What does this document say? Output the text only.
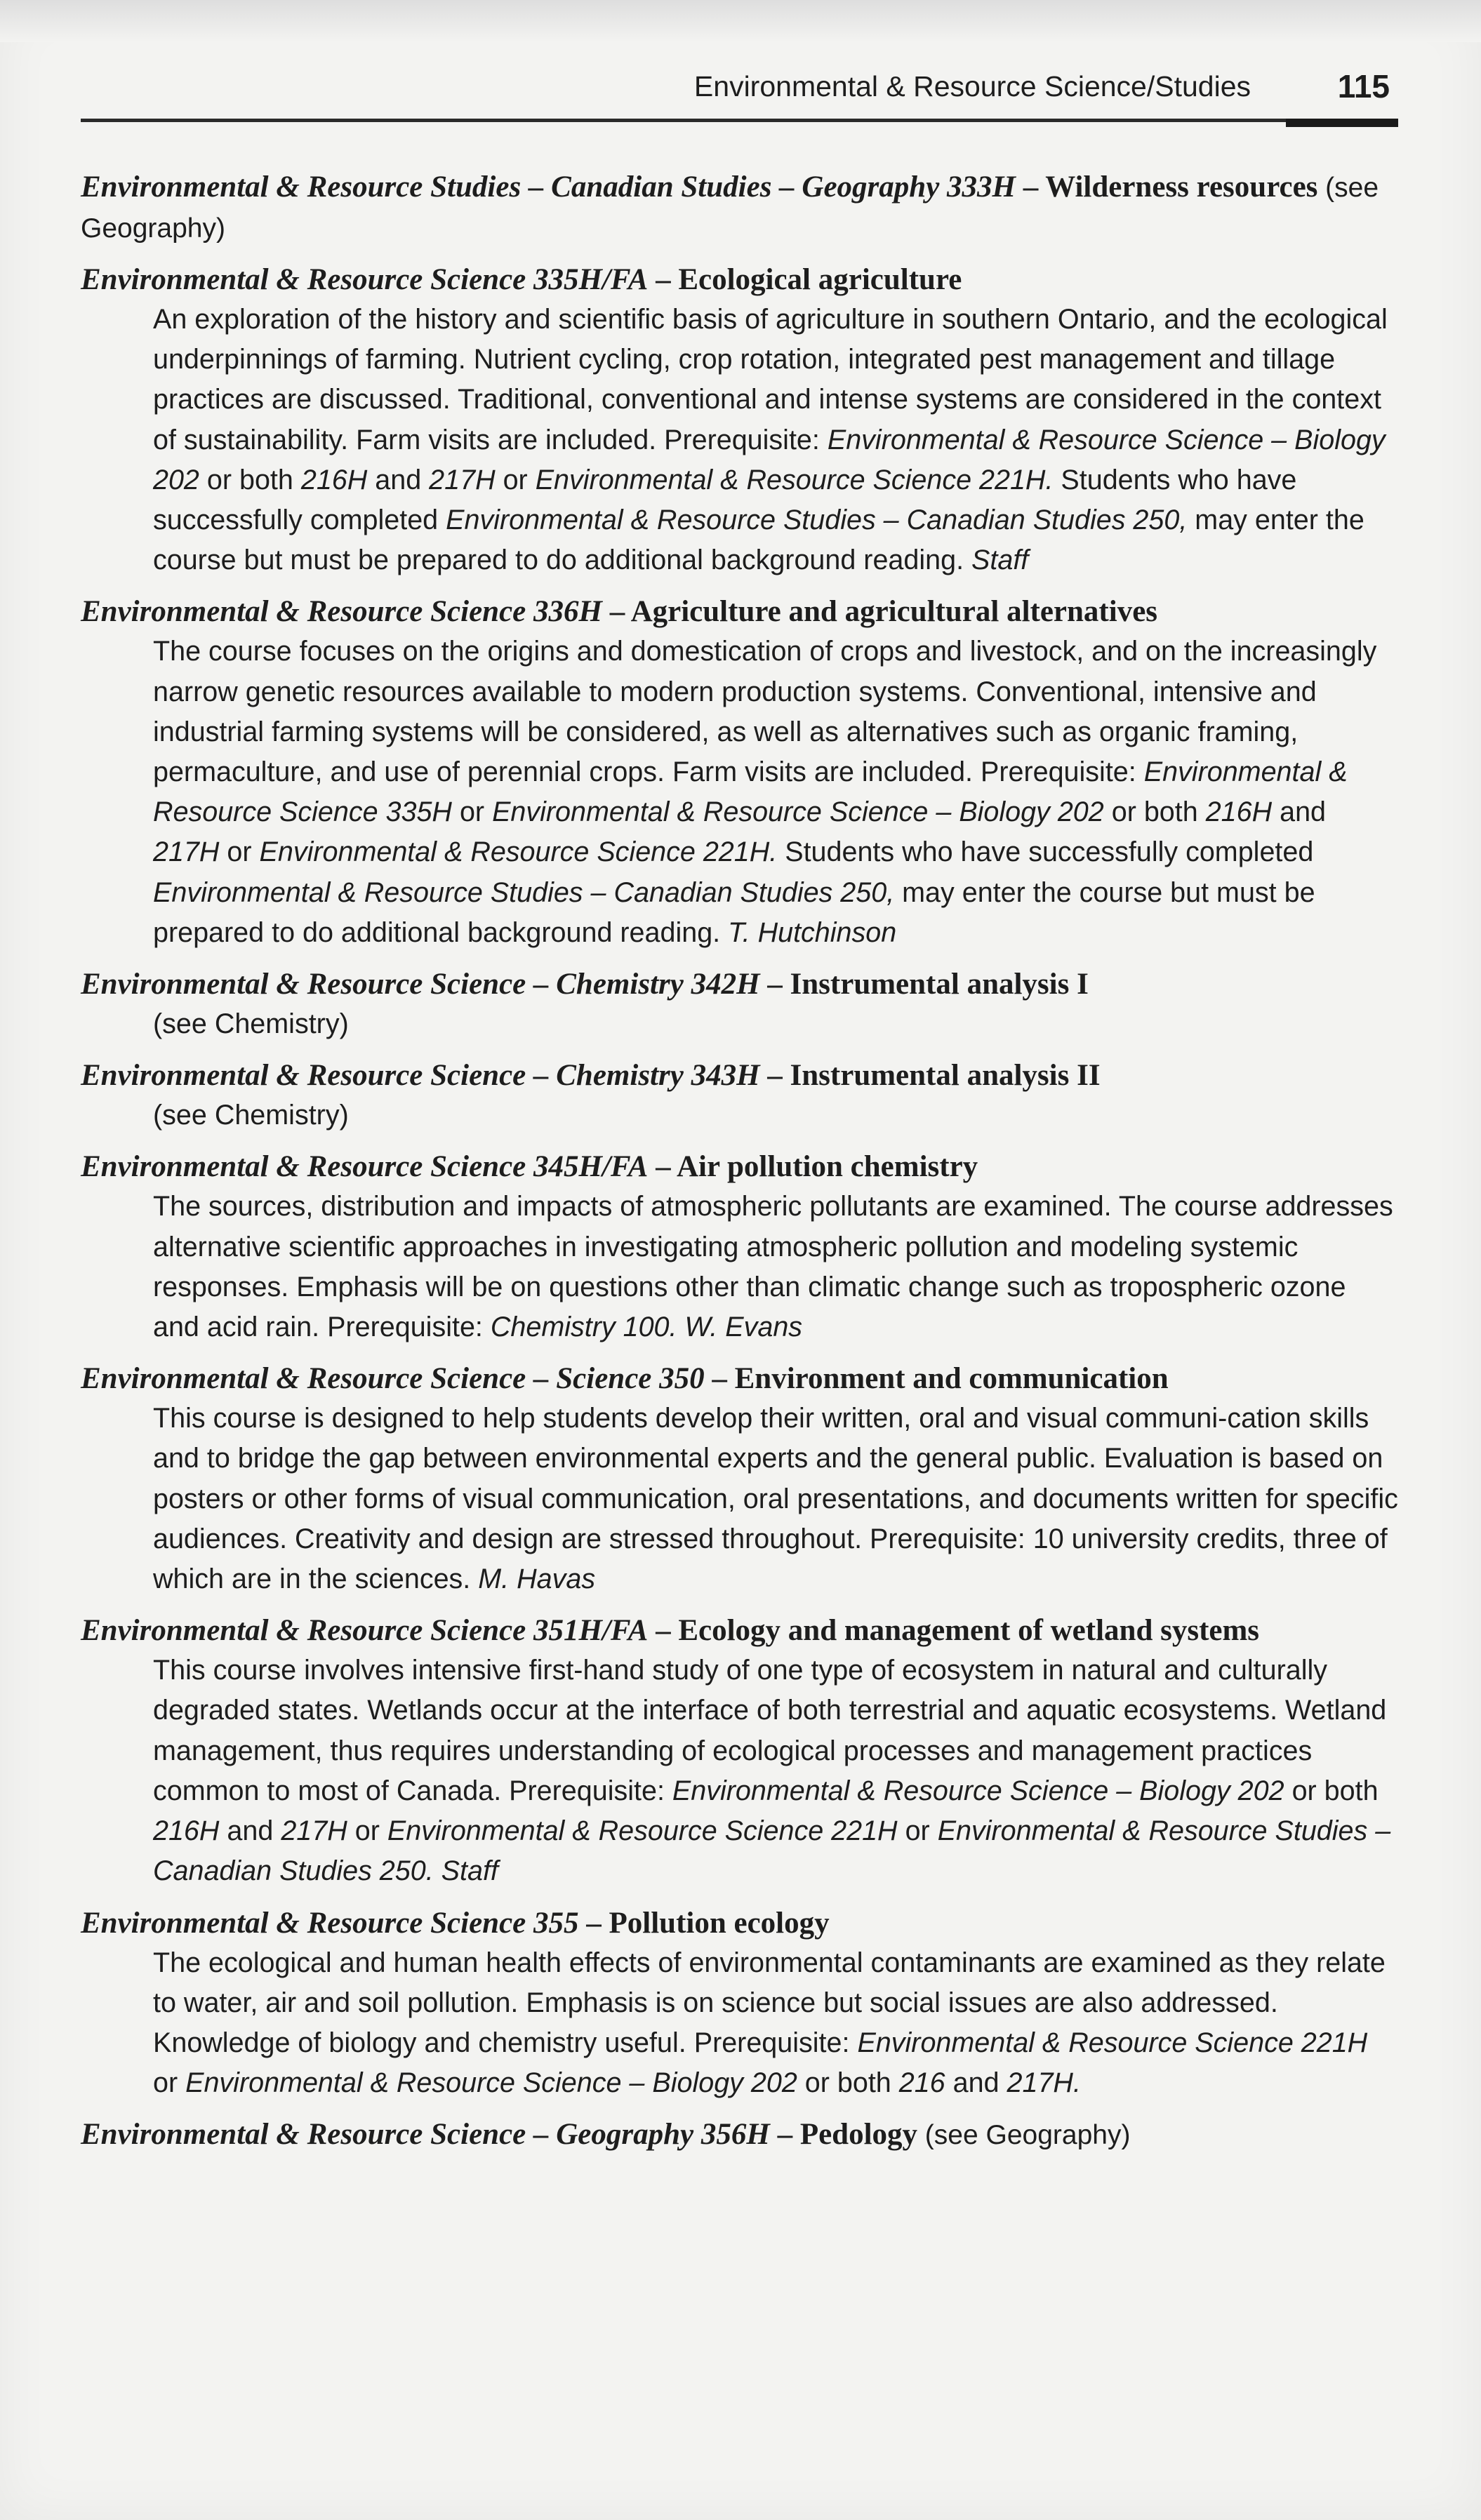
Environmental & Resource Science/Studies	115

Environmental & Resource Studies – Canadian Studies – Geography 333H – Wilderness resources (see Geography)

Environmental & Resource Science 335H/FA – Ecological agriculture

An exploration of the history and scientific basis of agriculture in southern Ontario, and the ecological underpinnings of farming. Nutrient cycling, crop rotation, integrated pest management and tillage practices are discussed. Traditional, conventional and intense systems are considered in the context of sustainability. Farm visits are included. Prerequisite: Environmental & Resource Science – Biology 202 or both 216H and 217H or Environmental & Resource Science 221H. Students who have successfully completed Environmental & Resource Studies – Canadian Studies 250, may enter the course but must be prepared to do additional background reading. Staff

Environmental & Resource Science 336H – Agriculture and agricultural alternatives

The course focuses on the origins and domestication of crops and livestock, and on the increasingly narrow genetic resources available to modern production systems. Conventional, intensive and industrial farming systems will be considered, as well as alternatives such as organic framing, permaculture, and use of perennial crops. Farm visits are included. Prerequisite: Environmental & Resource Science 335H or Environmental & Resource Science – Biology 202 or both 216H and 217H or Environmental & Resource Science 221H. Students who have successfully completed Environmental & Resource Studies – Canadian Studies 250, may enter the course but must be prepared to do additional background reading. T. Hutchinson

Environmental & Resource Science – Chemistry 342H – Instrumental analysis I

(see Chemistry)

Environmental & Resource Science – Chemistry 343H – Instrumental analysis II

(see Chemistry)

Environmental & Resource Science 345H/FA – Air pollution chemistry

The sources, distribution and impacts of atmospheric pollutants are examined. The course addresses alternative scientific approaches in investigating atmospheric pollution and modeling systemic responses. Emphasis will be on questions other than climatic change such as tropospheric ozone and acid rain. Prerequisite: Chemistry 100. W. Evans

Environmental & Resource Science – Science 350 – Environment and communication

This course is designed to help students develop their written, oral and visual communi-cation skills and to bridge the gap between environmental experts and the general public. Evaluation is based on posters or other forms of visual communication, oral presentations, and documents written for specific audiences. Creativity and design are stressed throughout. Prerequisite: 10 university credits, three of which are in the sciences. M. Havas

Environmental & Resource Science 351H/FA – Ecology and management of wetland systems

This course involves intensive first-hand study of one type of ecosystem in natural and culturally degraded states. Wetlands occur at the interface of both terrestrial and aquatic ecosystems. Wetland management, thus requires understanding of ecological processes and management practices common to most of Canada. Prerequisite: Environmental & Resource Science – Biology 202 or both 216H and 217H or Environmental & Resource Science 221H or Environmental & Resource Studies – Canadian Studies 250. Staff

Environmental & Resource Science 355 – Pollution ecology

The ecological and human health effects of environmental contaminants are examined as they relate to water, air and soil pollution. Emphasis is on science but social issues are also addressed. Knowledge of biology and chemistry useful. Prerequisite: Environmental & Resource Science 221H or Environmental & Resource Science – Biology 202 or both 216 and 217H.

Environmental & Resource Science – Geography 356H – Pedology (see Geography)
